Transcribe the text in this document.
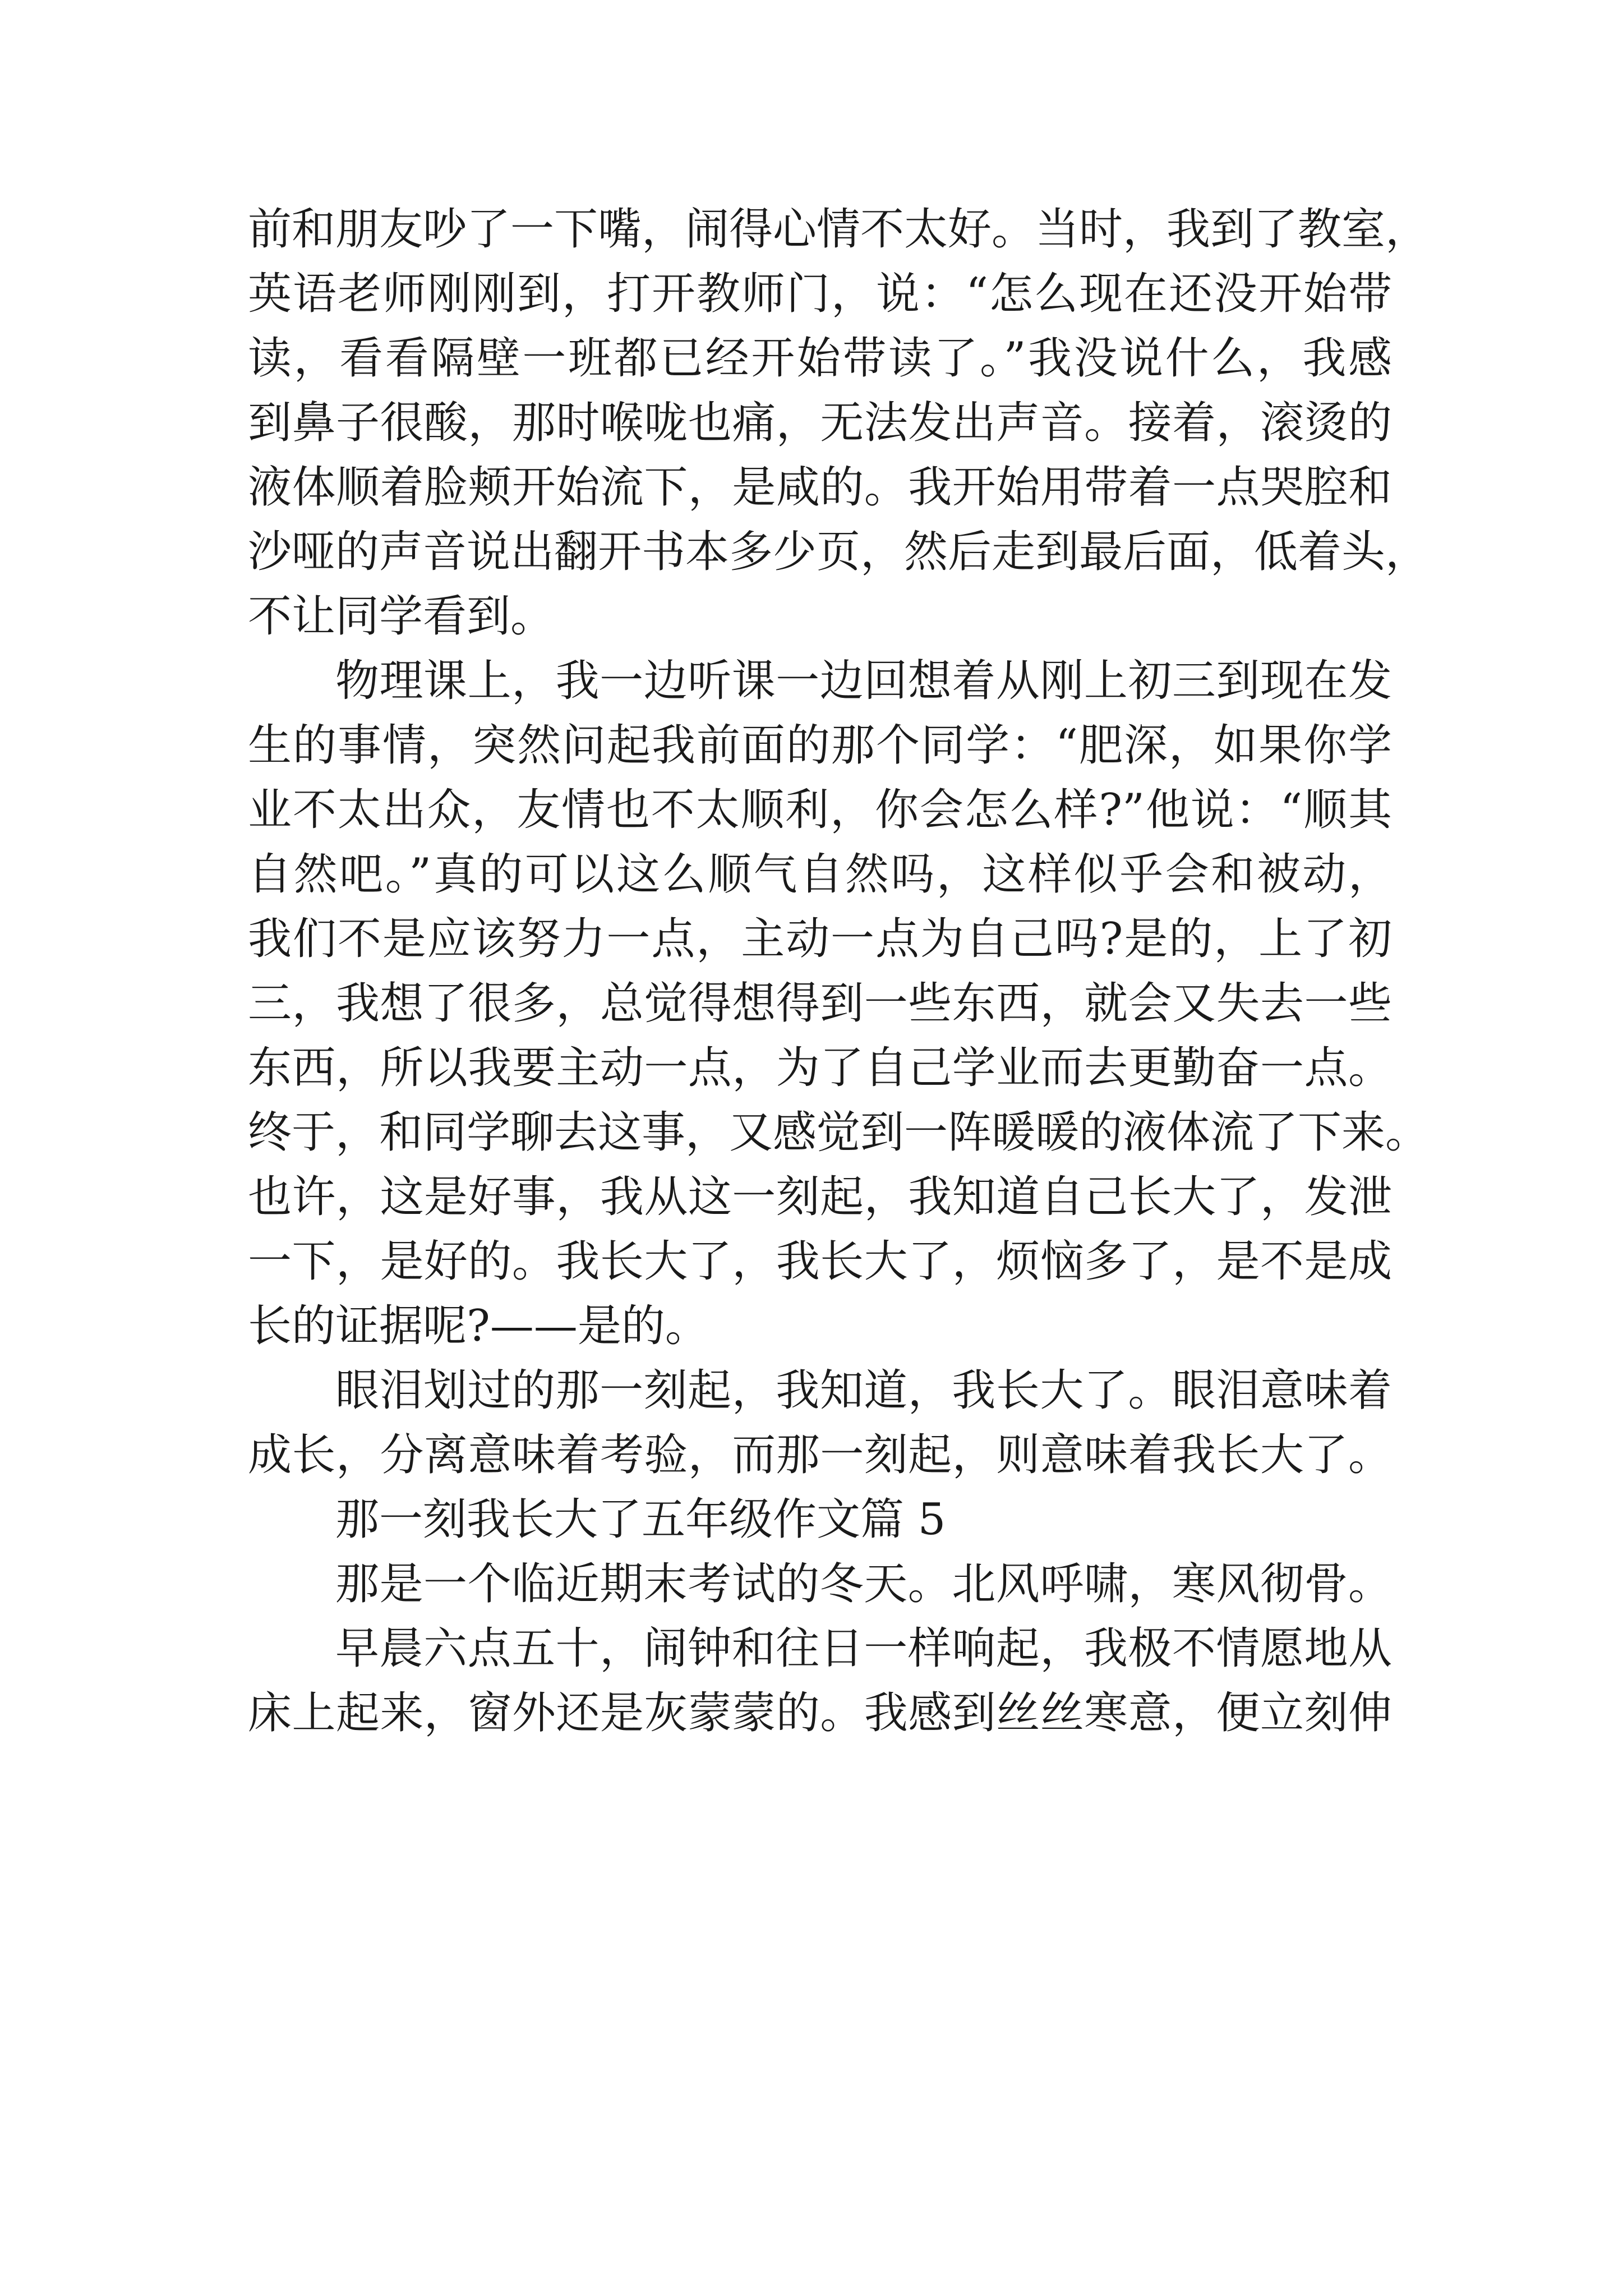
前和朋友吵了一下嘴，闹得心情不太好。当时，我到了教室，
英语老师刚刚到，打开教师门，说：“怎么现在还没开始带
读，看看隔壁一班都已经开始带读了。”我没说什么，我感
到鼻子很酸，那时喉咙也痛，无法发出声音。接着，滚烫的
液体顺着脸颊开始流下，是咸的。我开始用带着一点哭腔和
沙哑的声音说出翻开书本多少页，然后走到最后面，低着头，
不让同学看到。
物理课上，我一边听课一边回想着从刚上初三到现在发
生的事情，突然问起我前面的那个同学：“肥深，如果你学
业不太出众，友情也不太顺利，你会怎么样?”他说：“顺其
自然吧。”真的可以这么顺气自然吗，这样似乎会和被动，
我们不是应该努力一点，主动一点为自己吗?是的，上了初
三，我想了很多，总觉得想得到一些东西，就会又失去一些
东西，所以我要主动一点，为了自己学业而去更勤奋一点。
终于，和同学聊去这事，又感觉到一阵暖暖的液体流了下来。
也许，这是好事，我从这一刻起，我知道自己长大了，发泄
一下，是好的。我长大了，我长大了，烦恼多了，是不是成
长的证据呢?——是的。
眼泪划过的那一刻起，我知道，我长大了。眼泪意味着
成长，分离意味着考验，而那一刻起，则意味着我长大了。
那一刻我长大了五年级作文篇 5
那是一个临近期末考试的冬天。北风呼啸，寒风彻骨。
早晨六点五十，闹钟和往日一样响起，我极不情愿地从
床上起来，窗外还是灰蒙蒙的。我感到丝丝寒意，便立刻伸
